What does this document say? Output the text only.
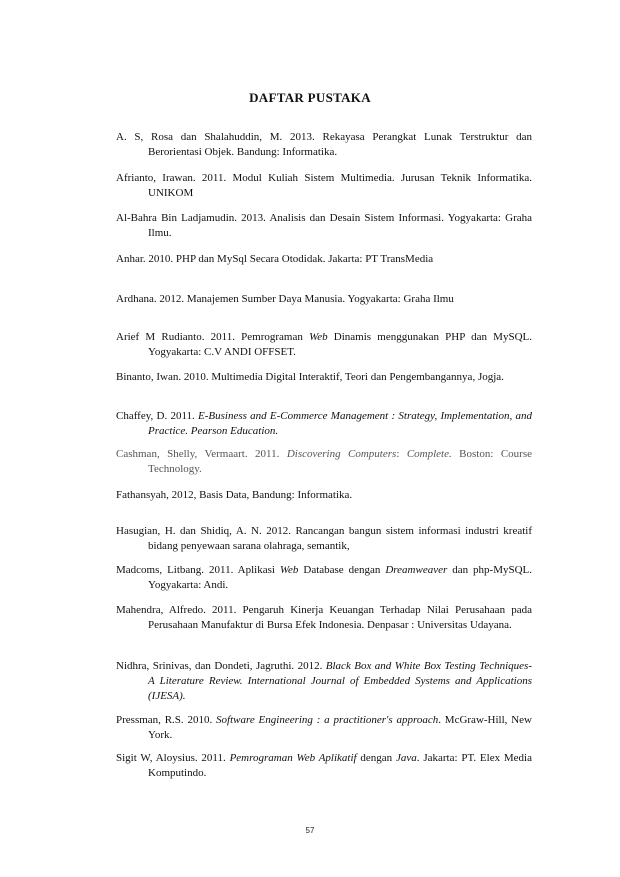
DAFTAR PUSTAKA
A. S, Rosa dan Shalahuddin, M. 2013. Rekayasa Perangkat Lunak Terstruktur dan Berorientasi Objek. Bandung: Informatika.
Afrianto, Irawan. 2011. Modul Kuliah Sistem Multimedia. Jurusan Teknik Informatika. UNIKOM
Al-Bahra Bin Ladjamudin. 2013. Analisis dan Desain Sistem Informasi. Yogyakarta: Graha Ilmu.
Anhar. 2010. PHP dan MySql Secara Otodidak. Jakarta: PT TransMedia
Ardhana. 2012. Manajemen Sumber Daya Manusia. Yogyakarta: Graha Ilmu
Arief M Rudianto. 2011. Pemrograman Web Dinamis menggunakan PHP dan MySQL. Yogyakarta: C.V ANDI OFFSET.
Binanto, Iwan. 2010. Multimedia Digital Interaktif, Teori dan Pengembangannya, Jogja.
Chaffey, D. 2011. E-Business and E-Commerce Management : Strategy, Implementation, and Practice. Pearson Education.
Cashman, Shelly, Vermaart. 2011. Discovering Computers: Complete. Boston: Course Technology.
Fathansyah, 2012, Basis Data, Bandung: Informatika.
Hasugian, H. dan Shidiq, A. N. 2012. Rancangan bangun sistem informasi industri kreatif bidang penyewaan sarana olahraga, semantik,
Madcoms, Litbang. 2011. Aplikasi Web Database dengan Dreamweaver dan php-MySQL. Yogyakarta: Andi.
Mahendra, Alfredo. 2011. Pengaruh Kinerja Keuangan Terhadap Nilai Perusahaan pada Perusahaan Manufaktur di Bursa Efek Indonesia. Denpasar : Universitas Udayana.
Nidhra, Srinivas, dan Dondeti, Jagruthi. 2012. Black Box and White Box Testing Techniques- A Literature Review. International Journal of Embedded Systems and Applications (IJESA).
Pressman, R.S. 2010. Software Engineering : a practitioner's approach. McGraw-Hill, New York.
Sigit W, Aloysius. 2011. Pemrograman Web Aplikatif dengan Java. Jakarta: PT. Elex Media Komputindo.
57
